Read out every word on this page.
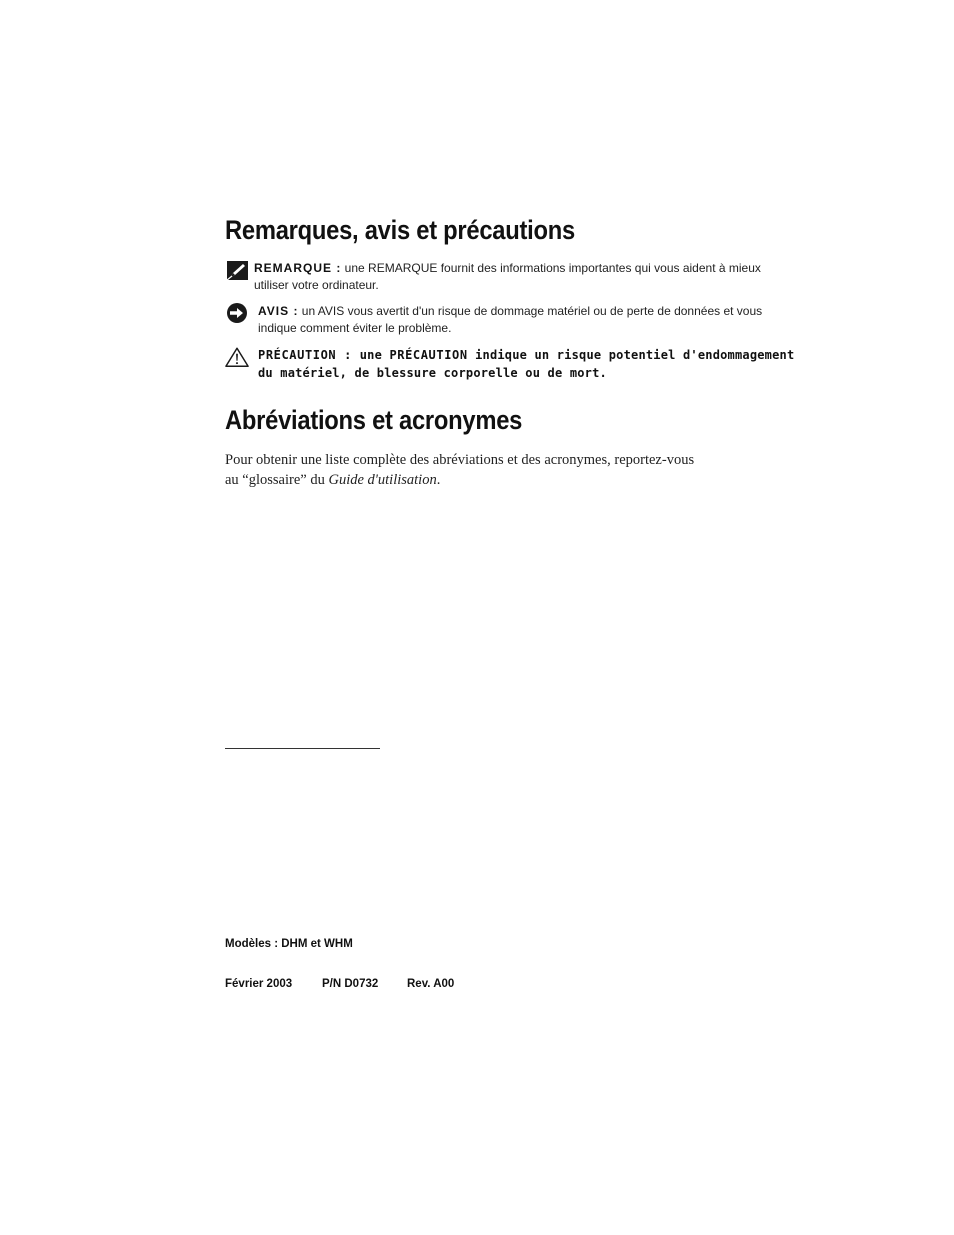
Remarques, avis et précautions
REMARQUE : une REMARQUE fournit des informations importantes qui vous aident à mieux
utiliser votre ordinateur.
AVIS : un AVIS vous avertit d'un risque de dommage matériel ou de perte de données et vous
indique comment éviter le problème.
PRÉCAUTION : une PRÉCAUTION indique un risque potentiel d'endommagement
du matériel, de blessure corporelle ou de mort.
Abréviations et acronymes

Pour obtenir une liste complète des abréviations et des acronymes, reportez-vous
au “glossaire” du Guide d'utilisation.

Modèles : DHM et WHM

Février 2003	P/N D0732 Rev. A00
